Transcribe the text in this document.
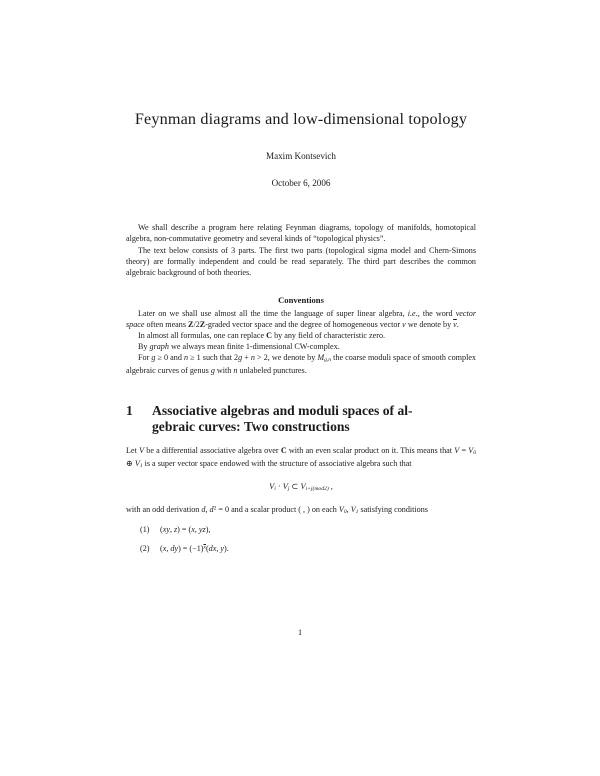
Feynman diagrams and low-dimensional topology
Maxim Kontsevich
October 6, 2006

We shall describe a program here relating Feynman diagrams, topology of manifolds, homotopical algebra, non-commutative geometry and several kinds of “topological physics”.

The text below consists of 3 parts. The first two parts (topological sigma model and Chern-Simons theory) are formally independent and could be read separately. The third part describes the common algebraic background of both theories.

Conventions

Later on we shall use almost all the time the language of super linear algebra, i.e., the word vector space often means Z/2Z-graded vector space and the degree of homogeneous vector v we denote by $\overline{v}$.

In almost all formulas, one can replace C by any field of characteristic zero.

By graph we always mean finite 1-dimensional CW-complex.

For g ≥ 0 and n ≥ 1 such that 2g + n > 2, we denote by $M_{g,n}$ the coarse moduli space of smooth complex algebraic curves of genus g with n unlabeled punctures.

1	Associative algebras and moduli spaces of al-
gebraic curves: Two constructions

Let V be a differential associative algebra over C with an even scalar product on it. This means that $V = V_0$ ⊕ $V_1$ is a super vector space endowed with the structure of associative algebra such that

$V_i \cdot V_j$ ⊂ $V_{i+j(mod2)}$ ,

with an odd derivation d, $d^2 = 0$ and a scalar product ( , ) on each $V_0$, $V_1$ satisfying conditions

(1)	(xy, z) = (x, yz),
(2)	(x, $dy) = (-1)^{\overline{x}}(dx$, y).
1
